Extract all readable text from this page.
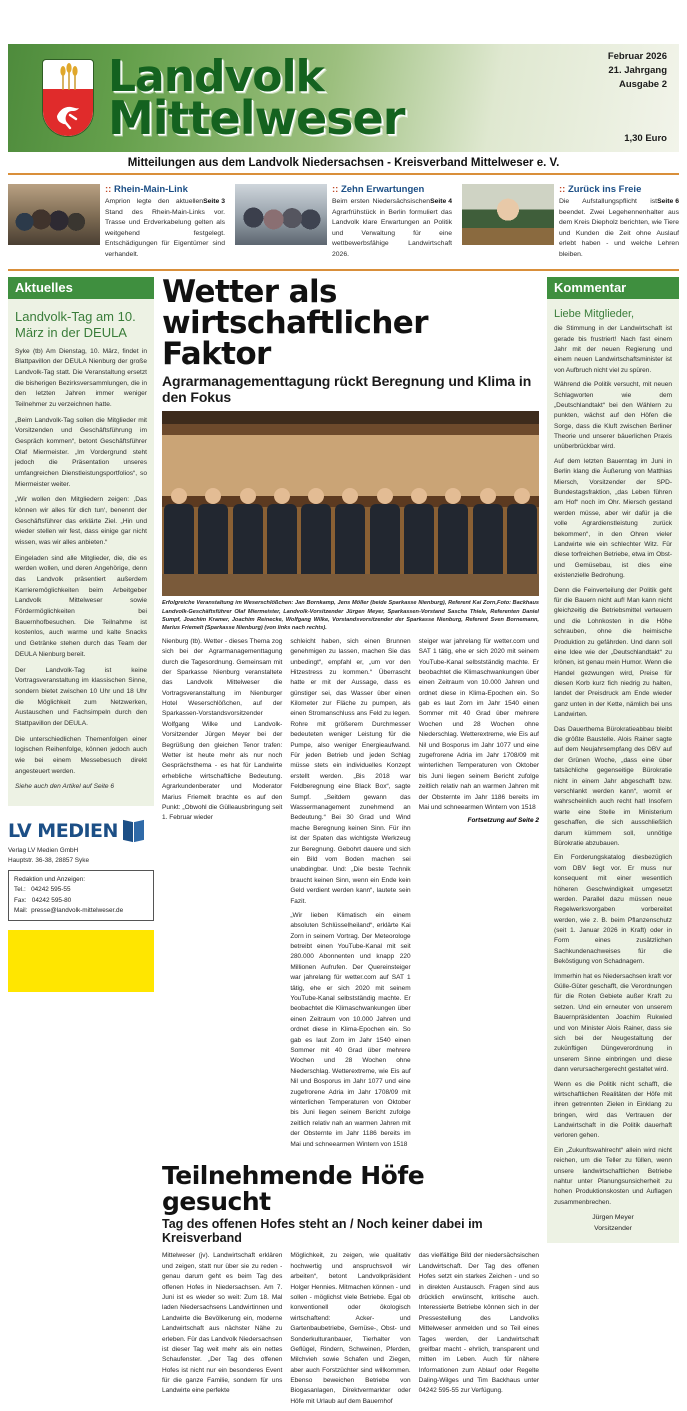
Landvolk
Mittelweser
Februar 2026
21. Jahrgang
Ausgabe 2
1,30 Euro
Mitteilungen aus dem Landvolk Niedersachsen - Kreisverband Mittelweser e. V.
:: Rhein-Main-Link
Seite 3
Amprion legte den aktuellen Stand des Rhein-Main-Links vor. Trasse und Erdverkabelung gelten als weitgehend festgelegt. Entschädigungen für Eigentümer sind verhandelt.
:: Zehn Erwartungen
Seite 4
Beim ersten Niedersächsischen Agrarfrühstück in Berlin formuliert das Landvolk klare Erwartungen an Politik und Verwaltung für eine wettbewerbsfähige Landwirtschaft 2026.
:: Zurück ins Freie
Seite 6
Die Aufstallungspflicht ist beendet. Zwei Legehennenhalter aus dem Kreis Diepholz berichten, wie Tiere und Kunden die Zeit ohne Auslauf erlebt haben - und welche Lehren bleiben.
Aktuelles
Landvolk-Tag am 10. März in der DEULA

Syke (tb) Am Dienstag, 10. März, findet in Blattpavillon der DEULA Nienburg der große Landvolk-Tag statt. Die Veranstaltung ersetzt die bisherigen Bezirksversammlungen, die in den letzten Jahren immer weniger Teilnehmer zu verzeichnen hatte.

„Beim Landvolk-Tag sollen die Mitglieder mit Vorsitzenden und Geschäftsführung im Gespräch kommen“, betont Geschäftsführer Olaf Miermeister. „Im Vordergrund steht jedoch die Präsentation unseres umfangreichen Dienstleistungsportfolios“, so Miermeister weiter.

„Wir wollen den Mitgliedern zeigen: ‚Das können wir alles für dich tun‘, benennt der Geschäftsführer das erklärte Ziel. „Hin und wieder stellen wir fest, dass einige gar nicht wissen, was wir alles anbieten.“

Eingeladen sind alle Mitglieder, die, die es werden wollen, und deren Angehörige, denn das Landvolk präsentiert außerdem Karrieremöglichkeiten beim Arbeitgeber Landvolk Mittelweser sowie Fördermöglichkeiten bei Bauernhofbesuchen. Die Teilnahme ist kostenlos, auch warme und kalte Snacks und Getränke stehen durch das Team der DEULA Nienburg bereit.

Der Landvolk-Tag ist keine Vortragsveranstaltung im klassischen Sinne, sondern bietet zwischen 10 Uhr und 18 Uhr die Möglichkeit zum Netzwerken, Austauschen und Fachsimpeln durch den Stattpavillon der DEULA.

Die unterschiedlichen Themenfolgen einer logischen Reihenfolge, können jedoch auch wie bei einem Messebesuch direkt angesteuert werden.

Siehe auch den Artikel auf Seite 6

LV MEDIEN
Verlag LV Medien GmbH
Hauptstr. 36-38, 28857 Syke
Redaktion und Anzeigen:
Tel.: 04242 595-55
Fax: 04242 595-80
Mail: presse@landvolk-mittelweser.de
Wetter als wirtschaftlicher Faktor
Agrarmanagementtagung rückt Beregnung und Klima in den Fokus
Foto: Backhaus
Erfolgreiche Veranstaltung im Weserschlößchen: Jan Bornkamp, Jens Möller (beide Sparkasse Nienburg), Referent Kai Zorn, Landvolk-Geschäftsführer Olaf Miermeister, Landvolk-Vorsitzender Jürgen Meyer, Sparkassen-Vorstand Sascha Thiele, Referenten Daniel Sumpf, Joachim Kramer, Joachim Reinecke, Wolfgang Wilke, Vorstandsvorsitzender der Sparkasse Nienburg, Referent Sven Bornemann, Marius Friemelt (Sparkasse Nienburg) (von links nach rechts).

Nienburg (tb). Wetter - dieses Thema zog sich bei der Agrarmanagementtagung durch die Tagesordnung. Gemeinsam mit der Sparkasse Nienburg veranstaltete das Landvolk Mittelweser die Vortragsveranstaltung im Nienburger Hotel Weserschlößchen, auf der Sparkassen-Vorstandsvorsitzender Wolfgang Wilke und Landvolk-Vorsitzender Jürgen Meyer bei der Begrüßung den gleichen Tenor trafen: Wetter ist heute mehr als nur noch Gesprächsthema - es hat für Landwirte erhebliche wirtschaftliche Bedeutung. Agrarkundenberater und Moderator Marius Friemelt brachte es auf den Punkt: „Obwohl die Gülleausbringung seit 1. Februar wieder

schleicht haben, sich einen Brunnen genehmigen zu lassen, machen Sie das unbedingt“, empfahl er, „um vor den Hitzestress zu kommen.“ Überrascht hatte er mit der Aussage, dass es günstiger sei, das Wasser über einen Kilometer zur Fläche zu pumpen, als einen Stromanschluss ans Feld zu legen. Rohre mit größerem Durchmesser bedeuteten weniger Leistung für die Pumpe, also weniger Energieaufwand. Für jeden Betrieb und jeden Schlag müsse stets ein individuelles Konzept erstellt werden. „Bis 2018 war Feldberegnung eine Black Box“, sagte Sumpf. „Seitdem gewann das Wassermanagement zunehmend an Bedeutung.“ Bei 30 Grad und Wind mache Beregnung keinen Sinn. Für ihn ist der Spaten das wichtigste Werkzeug zur Beregnung. Gebohrt dauere und sich ein Bild vom Boden machen sei unabdingbar. Und: „Die beste Technik braucht keinen Sinn, wenn ein Ende kein Geld verdient werden kann“, lautete sein Fazit.

„Wir lieben Klimatisch ein einem absoluten Schlüsselheiland“, erklärte Kai Zorn in seinem Vortrag. Der Meteorologe betreibt einen YouTube-Kanal mit seit 280.000 Abonnenten und knapp 220 Millionen Aufrufen. Der Quereinsteiger war jahrelang für wetter.com auf SAT 1 tätig, ehe er sich 2020 mit seinem YouTube-Kanal selbstständig machte. Er beobachtet die Klimaschwankungen über einen Zeitraum von 10.000 Jahren und ordnet diese in Klima-Epochen ein. So gab es laut Zorn im Jahr 1540 einen Sommer mit 40 Grad über mehrere Wochen und 28 Wochen ohne Niederschlag. Wetterextreme, wie Eis auf Nil und Bosporus im Jahr 1077 und eine zugefrorene Adria im Jahr 1708/09 mit winterlichen Temperaturen von Oktober bis Juni liegen seinem Bericht zufolge zeitlich relativ nah an warmen Jahren mit der Obsternte im Jahr 1186 bereits im Mai und schneearmen Wintern von 1518

steiger war jahrelang für wetter.com und SAT 1 tätig, ehe er sich 2020 mit seinem YouTube-Kanal selbstständig machte. Er beobachtet die Klimaschwankungen über einen Zeitraum von 10.000 Jahren und ordnet diese in Klima-Epochen ein. So gab es laut Zorn im Jahr 1540 einen Sommer mit 40 Grad über mehrere Wochen und 28 Wochen ohne Niederschlag. Wetterextreme, wie Eis auf Nil und Bosporus im Jahr 1077 und eine zugefrorene Adria im Jahr 1708/09 mit winterlichen Temperaturen von Oktober bis Juni liegen seinem Bericht zufolge zeitlich relativ nah an warmen Jahren mit der Obsternte im Jahr 1186 bereits im Mai und schneearmen Wintern von 1518

Fortsetzung auf Seite 2
Teilnehmende Höfe gesucht
Tag des offenen Hofes steht an / Noch keiner dabei im Kreisverband

Mittelweser (jv). Landwirtschaft erklären und zeigen, statt nur über sie zu reden - genau darum geht es beim Tag des offenen Hofes in Niedersachsen. Am 7. Juni ist es wieder so weit: Zum 18. Mal laden Niedersachsens Landwirtinnen und Landwirte die Bevölkerung ein, moderne Landwirtschaft aus nächster Nähe zu erleben. Für das Landvolk Niedersachsen ist dieser Tag weit mehr als ein nettes Schaufenster. „Der Tag des offenen Hofes ist nicht nur ein besonderes Event für die ganze Familie, sondern für uns Landwirte eine perfekte

Möglichkeit, zu zeigen, wie qualitativ hochwertig und anspruchsvoll wir arbeiten“, betont Landvolkpräsident Holger Hennies. Mitmachen können - und sollen - möglichst viele Betriebe. Egal ob konventionell oder ökologisch wirtschaftend: Acker- und Gartenbaubetriebe, Gemüse-, Obst- und Sonderkulturanbauer, Tierhalter von Geflügel, Rindern, Schweinen, Pferden, Milchvieh sowie Schafen und Ziegen, aber auch Forstzüchter sind willkommen. Ebenso beweichen Betriebe von Biogasanlagen, Direktvermarkter oder Höfe mit Urlaub auf dem Bauernhof

das vielfältige Bild der niedersächsischen Landwirtschaft. Der Tag des offenen Hofes setzt ein starkes Zeichen - und so in direkten Austausch. Fragen sind aus drücklich erwünscht, kritische auch. Interessierte Betriebe können sich in der Pressestellung des Landvolks Mittelweser anmelden und so Teil eines Tages werden, der Landwirtschaft greifbar macht - ehrlich, transparent und mitten im Leben. Auch für nähere Informationen zum Ablauf oder Regelte Daling-Wilges und Tim Backhaus unter 04242 595-55 zur Verfügung.

Kommentar
Liebe Mitglieder,

die Stimmung in der Landwirtschaft ist gerade bis frustriert! Nach fast einem Jahr mit der neuen Regierung und einem neuen Landwirtschaftsminister ist von Aufbruch nicht viel zu spüren.

Während die Politik versucht, mit neuen Schlagworten wie dem „Deutschlandtakt“ bei den Wählern zu punkten, wächst auf den Höfen die Sorge, dass die Kluft zwischen Berliner Theorie und unserer bäuerlichen Praxis unüberbrückbar wird.

Auf dem letzten Bauerntag im Juni in Berlin klang die Äußerung von Matthias Miersch, Vorsitzender der SPD-Bundestagsfraktion, „das Leben führen am Hof“ noch im Ohr. Miersch gestand werden müsse, aber wir dafür ja die volle Agrardienstleistung zurück bekommen“, in den Ohren vieler Landwirte wie ein schlechter Witz. Für diese torfreichen Betriebe, etwa im Obst- und Gemüsebau, ist dies eine existenzielle Bedrohung.

Denn die Feinverteilung der Politik geht für die Bauern nicht auf! Man kann nicht gleichzeitig die Betriebsmittel verteuern und die Lohnkosten in die Höhe schrauben, ohne die heimische Produktion zu gefährden. Und dann soll eine Idee wie der „Deutschlandtakt“ zu krönen, ist genau mein Humor. Wenn die Handel gezwungen wird, Preise für diesen Korb kurz fich niedrig zu halten, landet der Preisdruck am Ende wieder ganz unten in der Kette, nämlich bei uns Landwirten.

Das Dauerthema Bürokratieabbau bleibt die größte Baustelle. Alois Rainer sagte auf dem Neujahrsempfang des DBV auf der Grünen Woche, „dass eine über tatsächliche gegenseitige Bürokratie nicht in einem Jahr abgeschafft bzw. verschlankt werden kann“, womit er wahrscheinlich auch recht hat! Insofern warte eine Stelle im Ministerium geschaffen, die sich ausschließlich darum kümmern soll, unnötige Bürokratie abzubauen.

Ein Forderungskatalog diesbezüglich vom DBV liegt vor. Er muss nur konsequent mit einer wesentlich höheren Geschwindigkeit umgesetzt werden. Parallel dazu müssen neue Regelwerksvorgaben vorbereitet werden, wie z. B. beim Pflanzenschutz (seit 1. Januar 2026 in Kraft) oder in Form eines zusätzlichen Sachkundenachweises für die Beköstigung von Schadnagern.

Immerhin hat es Niedersachsen kraft vor Gülle-Güter geschafft, die Verordnungen für die Roten Gebiete außer Kraft zu setzen. Und ein erneuter von unserem Bauernpräsidenten Joachim Rukwied und von Minister Alois Rainer, dass sie sich bei der Neugestaltung der zukünftigen Düngeverordnung in unserem Sinne einbringen und diese dann verursachergerecht gestaltet wird.

Wenn es die Politik nicht schafft, die wirtschaftlichen Realitäten der Höfe mit ihren getrennten Zielen in Einklang zu bringen, wird das Vertrauen der Landwirtschaft in die Politik dauerhaft verloren gehen.

Ein „Zukunftswahlrecht“ allein wird nicht reichen, um die Teller zu füllen, wenn unsere landwirtschaftlichen Betriebe nahtur unter Planungsunsicherheit zu hohen Produktionskosten und Auflagen zusammenbrechen.

Jürgen Meyer
Vorsitzender
